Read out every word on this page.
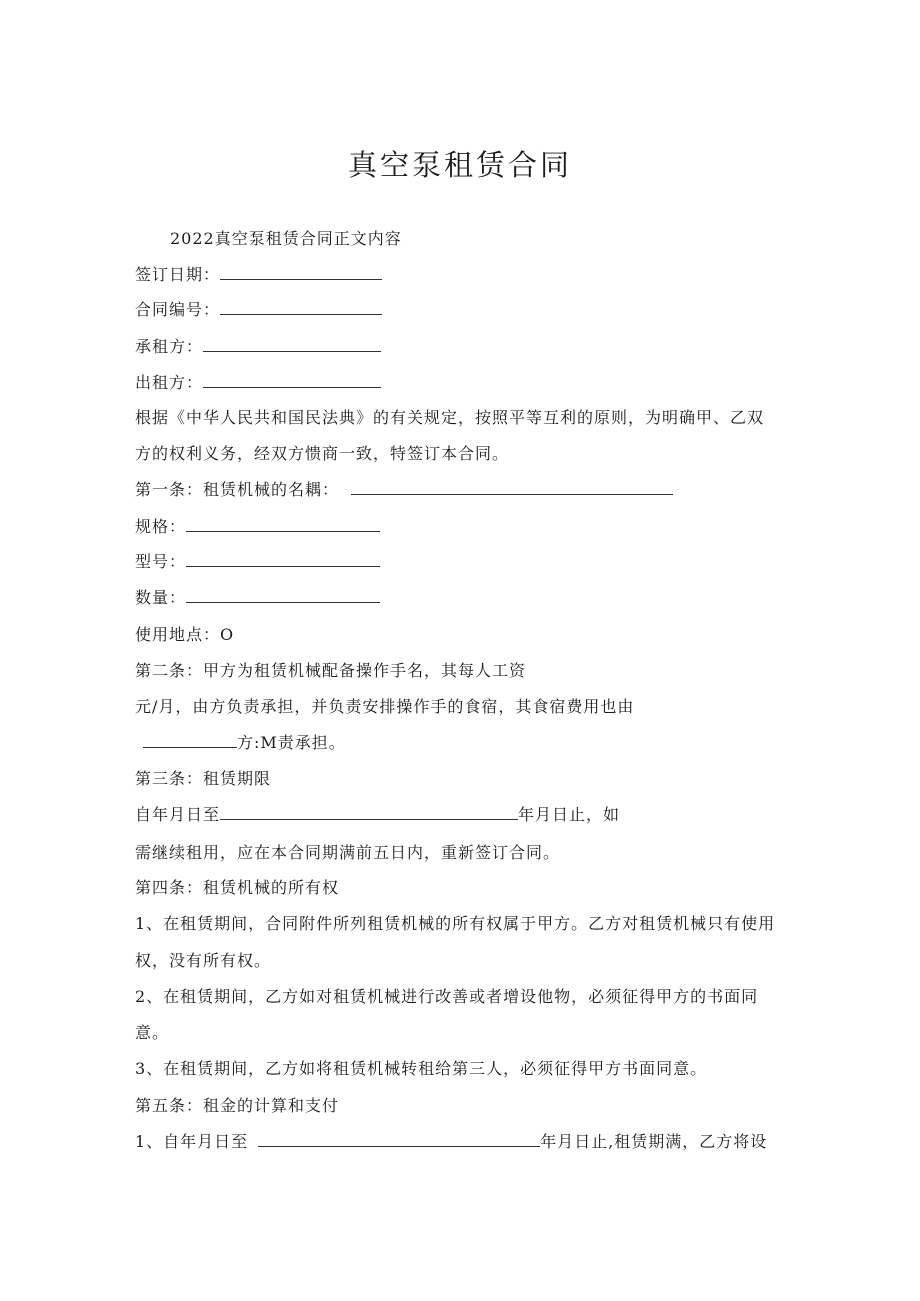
真空泵租赁合同
2022真空泵租赁合同正文内容
签订日期：
合同编号：
承租方：
出租方：
根据《中华人民共和国民法典》的有关规定，按照平等互利的原则，为明确甲、乙双
方的权利义务，经双方愦商一致，特签订本合同。
第一条：租赁机械的名耦：
规格：
型号：
数量：
使用地点：O
第二条：甲方为租赁机械配备操作手名，其每人工资
元/月，由方负责承担，并负责安排操作手的食宿，其食宿费用也由
方:M责承担。
第三条：租赁期限
自年月日至	年月日止，如
需继续租用，应在本合同期满前五日内，重新签订合同。
第四条：租赁机械的所有权
1、在租赁期间，合同附件所列租赁机械的所有权属于甲方。乙方对租赁机械只有使用
权，没有所有权。
2、在租赁期间，乙方如对租赁机械进行改善或者增设他物，必须征得甲方的书面同
意。
3、在租赁期间，乙方如将租赁机械转租给第三人，必须征得甲方书面同意。
第五条：租金的计算和支付
1、自年月日至	年月日止,租赁期满，乙方将设
